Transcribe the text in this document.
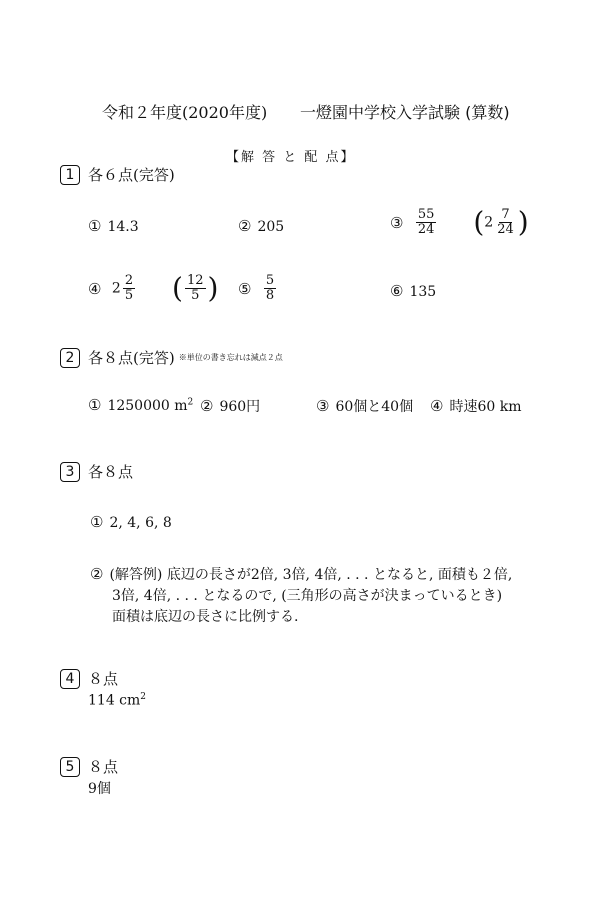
令和２年度(2020年度) 一燈園中学校入学試験 (算数)
【解 答 と 配 点】
1 各６点(完答)
① 14.3	② 205	③ $\frac{55}{24} (2 \frac{7}{24}$ )
④ $2 \frac{2}{5}$ ( $\frac{12}{5}$ ) ⑤ $\frac{5}{8}$	⑥ 135
2 各８点(完答) ※単位の書き忘れは減点２点
① 1250000 $m^2$ ② 960円	③ 60個と40個 ④ 時速60 km
3 各８点
① 2, 4, 6, 8
② (解答例) 底辺の長さが2倍, 3倍, 4倍, . . . となると, 面積も２倍,
3倍, 4倍, . . . となるので, (三角形の高さが決まっているとき)
面積は底辺の長さに比例する.
4 ８点
114 $cm^2$
5 ８点
9個
